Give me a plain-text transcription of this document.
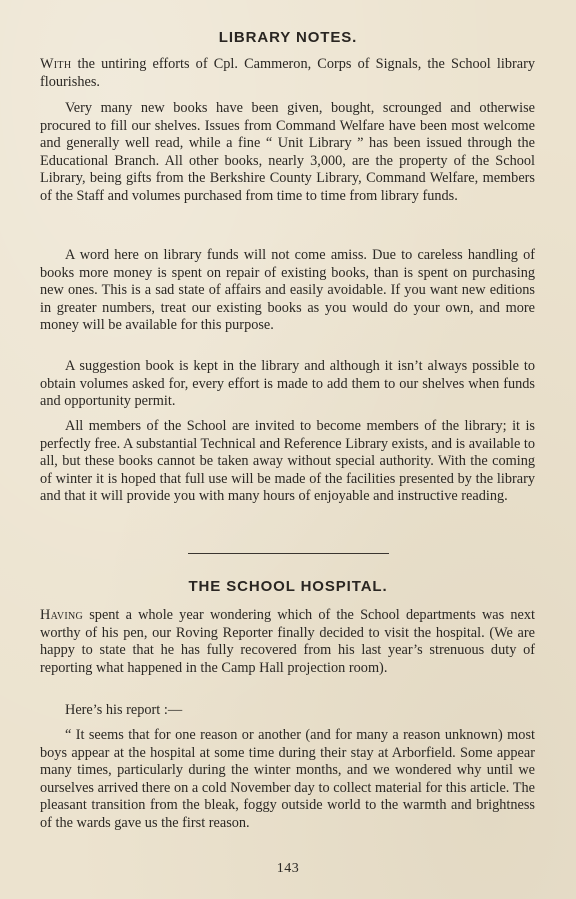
LIBRARY NOTES.

With the untiring efforts of Cpl. Cammeron, Corps of Signals, the School library flourishes.

Very many new books have been given, bought, scrounged and otherwise procured to fill our shelves. Issues from Command Welfare have been most welcome and generally well read, while a fine “ Unit Library ” has been issued through the Educational Branch. All other books, nearly 3,000, are the property of the School Library, being gifts from the Berkshire County Library, Command Welfare, members of the Staff and volumes purchased from time to time from library funds.

A word here on library funds will not come amiss. Due to careless handling of books more money is spent on repair of existing books, than is spent on purchasing new ones. This is a sad state of affairs and easily avoidable. If you want new editions in greater numbers, treat our existing books as you would do your own, and more money will be available for this purpose.

A suggestion book is kept in the library and although it isn’t always possible to obtain volumes asked for, every effort is made to add them to our shelves when funds and opportunity permit.

All members of the School are invited to become members of the library; it is perfectly free. A substantial Technical and Reference Library exists, and is available to all, but these books cannot be taken away without special authority. With the coming of winter it is hoped that full use will be made of the facilities presented by the library and that it will provide you with many hours of enjoyable and instructive reading.

THE SCHOOL HOSPITAL.

Having spent a whole year wondering which of the School departments was next worthy of his pen, our Roving Reporter finally decided to visit the hospital. (We are happy to state that he has fully recovered from his last year’s strenuous duty of reporting what happened in the Camp Hall projection room).

Here’s his report :—

“ It seems that for one reason or another (and for many a reason unknown) most boys appear at the hospital at some time during their stay at Arborfield. Some appear many times, particularly during the winter months, and we wondered why until we ourselves arrived there on a cold November day to collect material for this article. The pleasant transition from the bleak, foggy outside world to the warmth and brightness of the wards gave us the first reason.

143
